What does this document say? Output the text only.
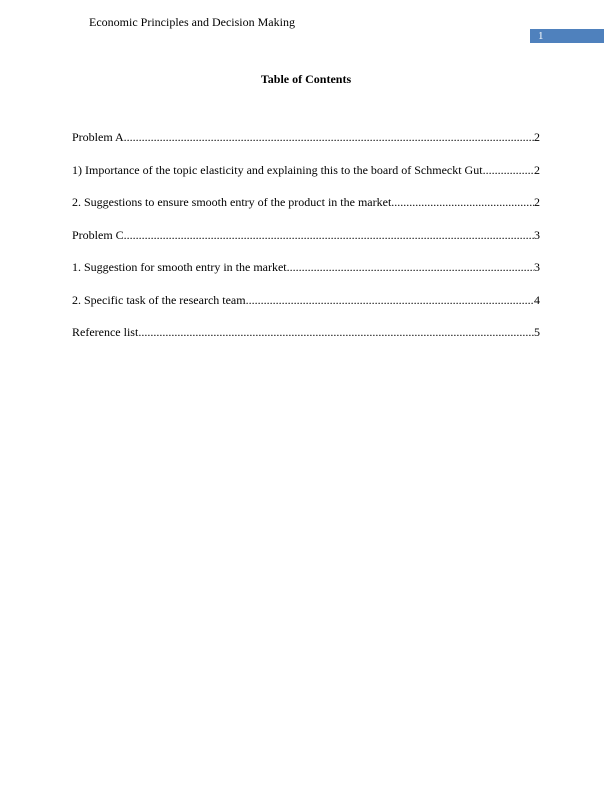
Economic Principles and Decision Making
1
Table of Contents
Problem A .....	2
1) Importance of the topic elasticity and explaining this to the board of Schmeckt Gut .....	2
2. Suggestions to ensure smooth entry of the product in the market .....	2
Problem C .....	3
1. Suggestion for smooth entry in the market .....	3
2. Specific task of the research team .....	4
Reference list .....	5
